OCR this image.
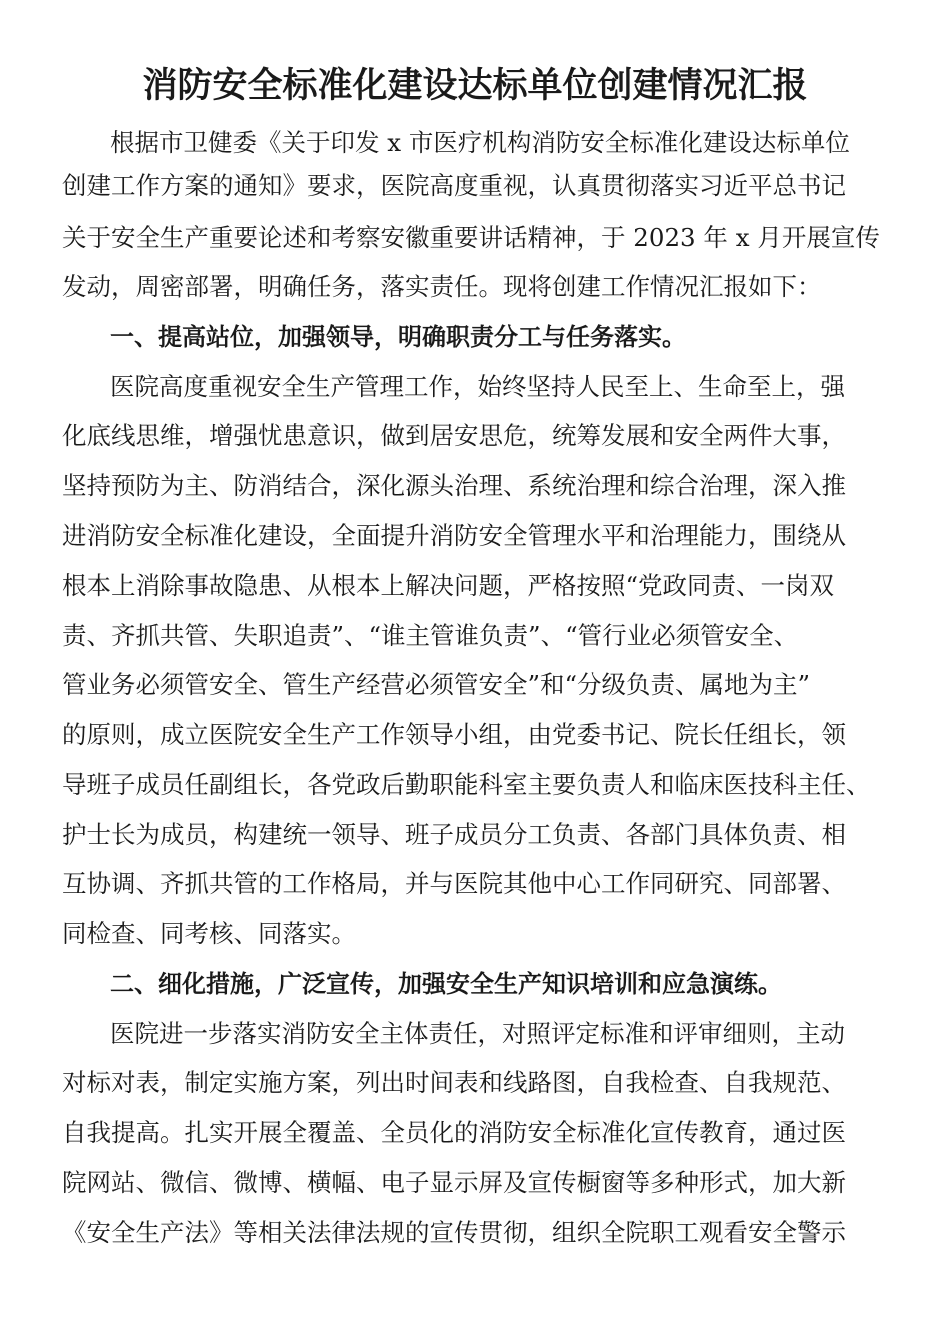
消防安全标准化建设达标单位创建情况汇报

根据市卫健委《关于印发 x 市医疗机构消防安全标准化建设达标单位

创建工作方案的通知》要求，医院高度重视，认真贯彻落实习近平总书记

关于安全生产重要论述和考察安徽重要讲话精神，于 2023 年 x 月开展宣传

发动，周密部署，明确任务，落实责任。现将创建工作情况汇报如下：

一、提高站位，加强领导，明确职责分工与任务落实。

医院高度重视安全生产管理工作，始终坚持人民至上、生命至上，强

化底线思维，增强忧患意识，做到居安思危，统筹发展和安全两件大事，

坚持预防为主、防消结合，深化源头治理、系统治理和综合治理，深入推

进消防安全标准化建设，全面提升消防安全管理水平和治理能力，围绕从

根本上消除事故隐患、从根本上解决问题，严格按照“党政同责、一岗双

责、齐抓共管、失职追责”、“谁主管谁负责”、“管行业必须管安全、

管业务必须管安全、管生产经营必须管安全”和“分级负责、属地为主”

的原则，成立医院安全生产工作领导小组，由党委书记、院长任组长，领

导班子成员任副组长，各党政后勤职能科室主要负责人和临床医技科主任、

护士长为成员，构建统一领导、班子成员分工负责、各部门具体负责、相

互协调、齐抓共管的工作格局，并与医院其他中心工作同研究、同部署、

同检查、同考核、同落实。

二、细化措施，广泛宣传，加强安全生产知识培训和应急演练。

医院进一步落实消防安全主体责任，对照评定标准和评审细则，主动

对标对表，制定实施方案，列出时间表和线路图，自我检查、自我规范、

自我提高。扎实开展全覆盖、全员化的消防安全标准化宣传教育，通过医

院网站、微信、微博、横幅、电子显示屏及宣传橱窗等多种形式，加大新

《安全生产法》等相关法律法规的宣传贯彻，组织全院职工观看安全警示
